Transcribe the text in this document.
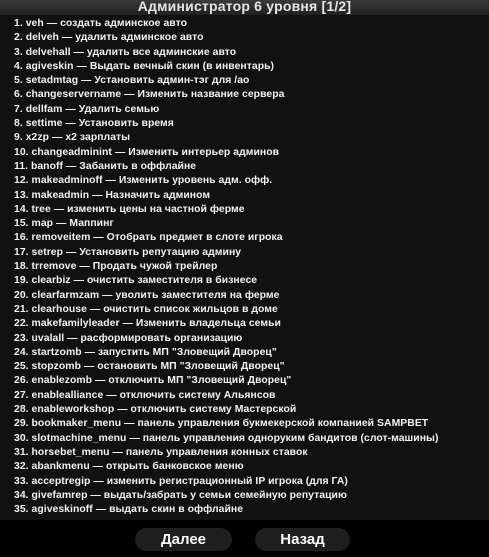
Администратор 6 уровня [1/2]
1. veh — создать админское авто
2. delveh — удалить админское авто
3. delvehall — удалить все админские авто
4. agiveskin — Выдать вечный скин (в инвентарь)
5. setadmtag — Установить админ-тэг для /ао
6. changeservername — Изменить название сервера
7. dellfam — Удалить семью
8. settime — Установить время
9. x2zp — x2 зарплаты
10. changeadminint — Изменить интерьер админов
11. banoff — Забанить в оффлайне
12. makeadminoff — Изменить уровень адм. офф.
13. makeadmin — Назначить админом
14. tree — изменить цены на частной ферме
15. map — Маппинг
16. removeitem — Отобрать предмет в слоте игрока
17. setrep — Установить репутацию админу
18. trremove — Продать чужой трейлер
19. clearbiz — очистить заместителя в бизнесе
20. clearfarmzam — уволить заместителя на ферме
21. clearhouse — очистить список жильцов в доме
22. makefamilyleader — Изменить владельца семьи
23. uvalall — расформировать организацию
24. startzomb — запустить МП "Зловещий Дворец"
25. stopzomb — остановить МП "Зловещий Дворец"
26. enablezomb — отключить МП "Зловещий Дворец"
27. enablealliance — отключить систему Альянсов
28. enableworkshop — отключить систему Мастерской
29. bookmaker_menu — панель управления букмекерской компанией SAMPBET
30. slotmachine_menu — панель управления одноруким бандитов (слот-машины)
31. horsebet_menu — панель управления конных ставок
32. abankmenu — открыть банковское меню
33. acceptregip — изменить регистрационный IP игрока (для ГА)
34. givefamrep — выдать/забрать у семьи семейную репутацию
35. agiveskinoff — выдать скин в оффлайне
Далее	Назад
